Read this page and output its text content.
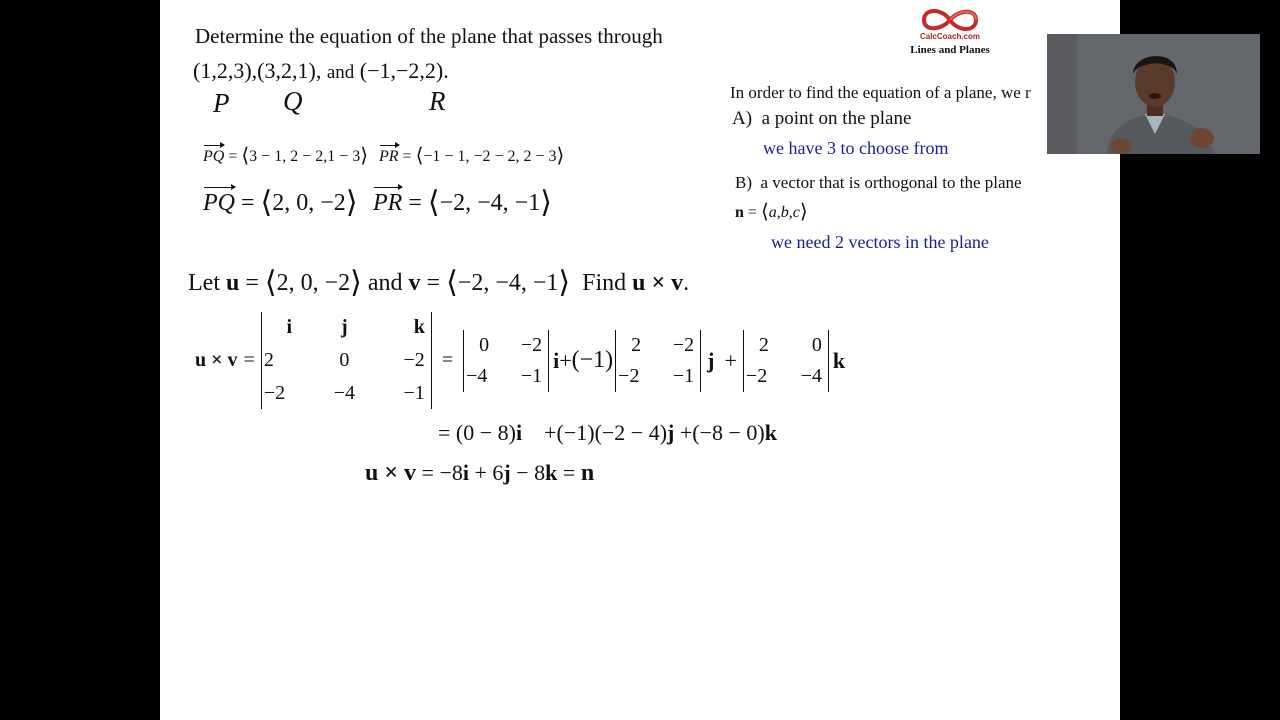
Determine the equation of the plane that passes through
(1,2,3),(3,2,1), and (−1,−2,2).
P Q	R
PQ = ⟨3 − 1, 2 − 2,1 − 3⟩ PR = ⟨−1 − 1, −2 − 2, 2 − 3⟩
PQ = ⟨2, 0, −2⟩ PR = ⟨−2, −4, −1⟩
Let u = ⟨2, 0, −2⟩ and v = ⟨−2, −4, −1⟩ Find u × v.
u × v =
i	j	k
2	0	−2
−2	−4	−1
=
0	−2
−4	−1
i + (−1)
2	−2
−2	−1
j +
2	0
−2	−4
k
= (0 − 8)i +(−1)(−2 − 4)j +(−8 − 0)k
u × v = −8i + 6j − 8k = n
CalcCoach.com
Lines and Planes
In order to find the equation of a plane, we r
A) a point on the plane
we have 3 to choose from
B) a vector that is orthogonal to the plane
n = ⟨a,b,c⟩
we need 2 vectors in the plane
